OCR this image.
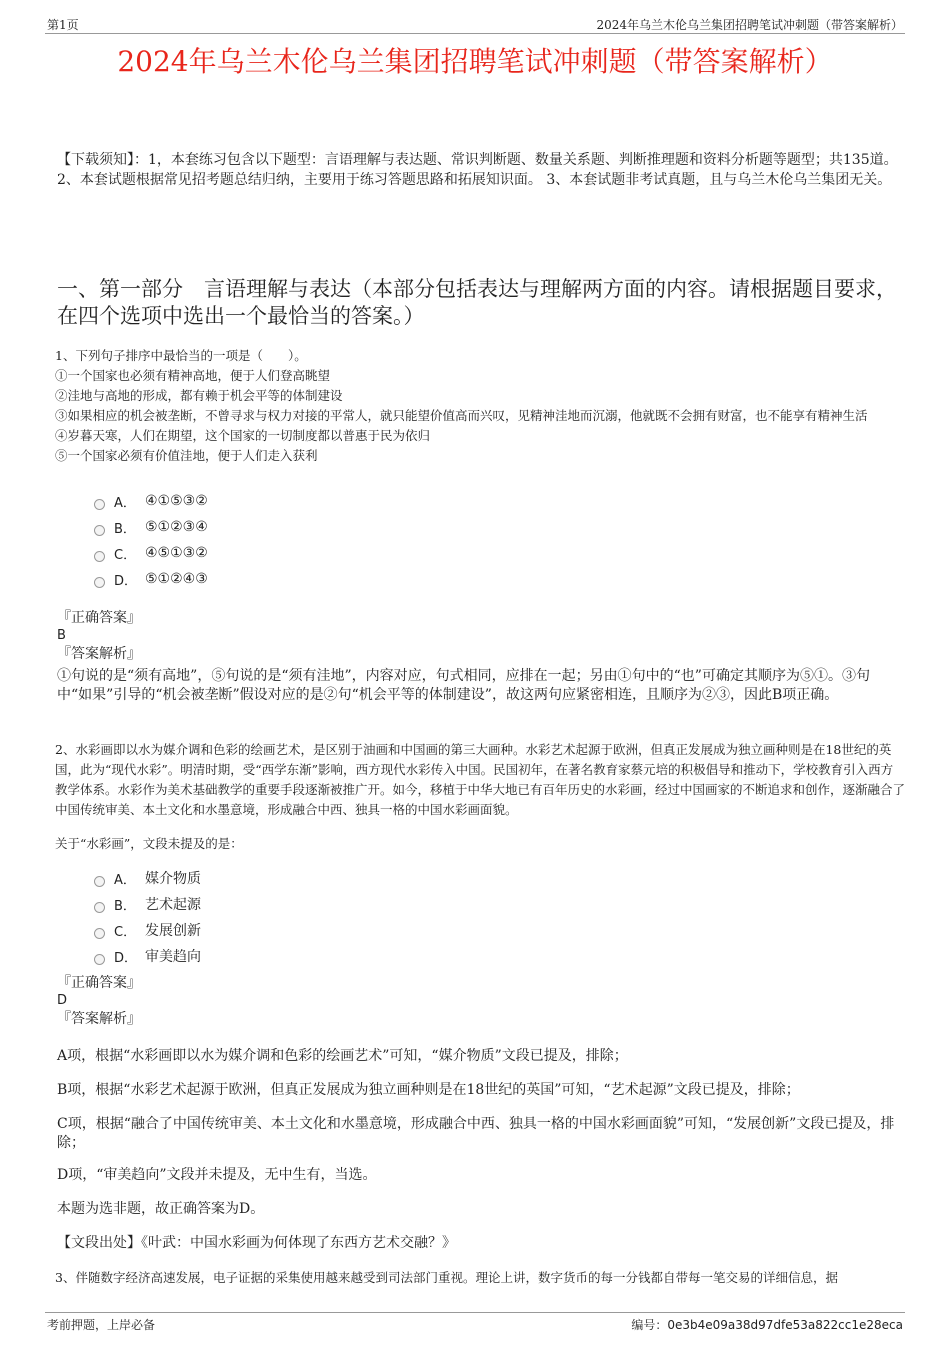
第1页	2024年乌兰木伦乌兰集团招聘笔试冲刺题（带答案解析）
2024年乌兰木伦乌兰集团招聘笔试冲刺题（带答案解析）
【下载须知】：1，本套练习包含以下题型：言语理解与表达题、常识判断题、数量关系题、判断推理题和资料分析题等题型；共135道。 2、本套试题根据常见招考题总结归纳，主要用于练习答题思路和拓展知识面。 3、本套试题非考试真题，且与乌兰木伦乌兰集团无关。
一、第一部分　言语理解与表达（本部分包括表达与理解两方面的内容。请根据题目要求，在四个选项中选出一个最恰当的答案。）
1、下列句子排序中最恰当的一项是（　　）。
①一个国家也必须有精神高地，便于人们登高眺望
②洼地与高地的形成，都有赖于机会平等的体制建设
③如果相应的机会被垄断，不曾寻求与权力对接的平常人，就只能望价值高而兴叹，见精神洼地而沉溺，他就既不会拥有财富，也不能享有精神生活
④岁暮天寒，人们在期望，这个国家的一切制度都以普惠于民为依归
⑤一个国家必须有价值洼地，便于人们走入获利
A． ④①⑤③②
B． ⑤①②③④
C． ④⑤①③②
D． ⑤①②④③
『正确答案』
B
『答案解析』
①句说的是“须有高地”，⑤句说的是“须有洼地”，内容对应，句式相同，应排在一起；另由①句中的“也”可确定其顺序为⑤①。③句中“如果”引导的“机会被垄断”假设对应的是②句“机会平等的体制建设”，故这两句应紧密相连，且顺序为②③，因此B项正确。
2、水彩画即以水为媒介调和色彩的绘画艺术，是区别于油画和中国画的第三大画种。水彩艺术起源于欧洲，但真正发展成为独立画种则是在18世纪的英国，此为“现代水彩”。明清时期，受“西学东渐”影响，西方现代水彩传入中国。民国初年，在著名教育家蔡元培的积极倡导和推动下，学校教育引入西方教学体系。水彩作为美术基础教学的重要手段逐渐被推广开。如今，移植于中华大地已有百年历史的水彩画，经过中国画家的不断追求和创作，逐渐融合了中国传统审美、本土文化和水墨意境，形成融合中西、独具一格的中国水彩画面貌。
关于“水彩画”，文段未提及的是：
A． 媒介物质
B． 艺术起源
C． 发展创新
D． 审美趋向
『正确答案』
D
『答案解析』
A项，根据“水彩画即以水为媒介调和色彩的绘画艺术”可知，“媒介物质”文段已提及，排除；
B项，根据“水彩艺术起源于欧洲，但真正发展成为独立画种则是在18世纪的英国”可知，“艺术起源”文段已提及，排除；
C项，根据“融合了中国传统审美、本土文化和水墨意境，形成融合中西、独具一格的中国水彩画面貌”可知，“发展创新”文段已提及，排除；
D项，“审美趋向”文段并未提及，无中生有，当选。
本题为选非题，故正确答案为D。
【文段出处】《叶武：中国水彩画为何体现了东西方艺术交融？》
3、伴随数字经济高速发展，电子证据的采集使用越来越受到司法部门重视。理论上讲，数字货币的每一分钱都自带每一笔交易的详细信息，据
考前押题，上岸必备	编号：0e3b4e09a38d97dfe53a822cc1e28eca
